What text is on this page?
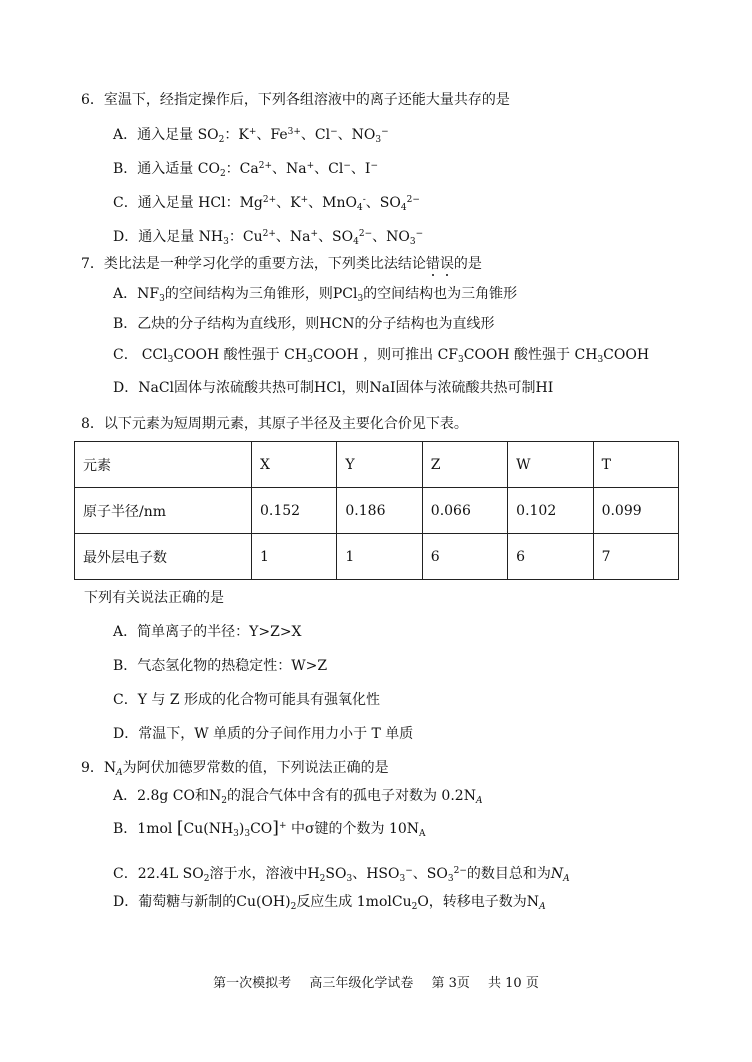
6．室温下，经指定操作后，下列各组溶液中的离子还能大量共存的是
A．通入足量 $SO_2$：K+、$Fe^{3+}$、Cl−、$NO_3^-$
B．通入适量 $CO_2$：$Ca^{2+}$、Na+、Cl−、I−
C．通入足量 HCl：$Mg^{2+}$、K+、MnO$_4$-、$SO_4^{2-}$
D．通入足量 $NH_3$：$Cu^{2+}$、Na+、$SO_4^{2-}$、$NO_3^-$
7．类比法是一种学习化学的重要方法，下列类比法结论错误的是
A．$NF_3$的空间结构为三角锥形，则PCl$_3$的空间结构也为三角锥形
B．乙炔的分子结构为直线形，则HCN的分子结构也为直线形
C． CCl$_3$COOH 酸性强于 $CH_3COOH$ ，则可推出 $CF_3COOH$ 酸性强于 $CH_3COOH$
D．NaCl固体与浓硫酸共热可制HCl，则NaI固体与浓硫酸共热可制HI
8．以下元素为短周期元素，其原子半径及主要化合价见下表。
元素	X	Y	Z	W	T
原子半径/nm	0.152	0.186	0.066	0.102	0.099
最外层电子数	1	1	6	6	7
下列有关说法正确的是
A．简单离子的半径：Y>Z>X
B．气态氢化物的热稳定性：W>Z
C．Y 与 Z 形成的化合物可能具有强氧化性
D．常温下，W 单质的分子间作用力小于 T 单质
9．$N_A$为阿伏加德罗常数的值，下列说法正确的是
A．2.8g CO和$N_2$的混合气体中含有的孤电子对数为 $0.2N_A$
B．1mol $[Cu(NH_3)_3CO]^+$ 中σ键的个数为 $10N_A$
C．22.4L $SO_2$溶于水，溶液中$H_2SO_3$、$HSO_3^-$、$SO_3^{2-}$的数目总和为$N_A$
D．葡萄糖与新制的$Cu(OH)_2$反应生成 1molCu$_2$O，转移电子数为$N_A$
第一次模拟考 高三年级化学试卷 第 3页 共 10 页
